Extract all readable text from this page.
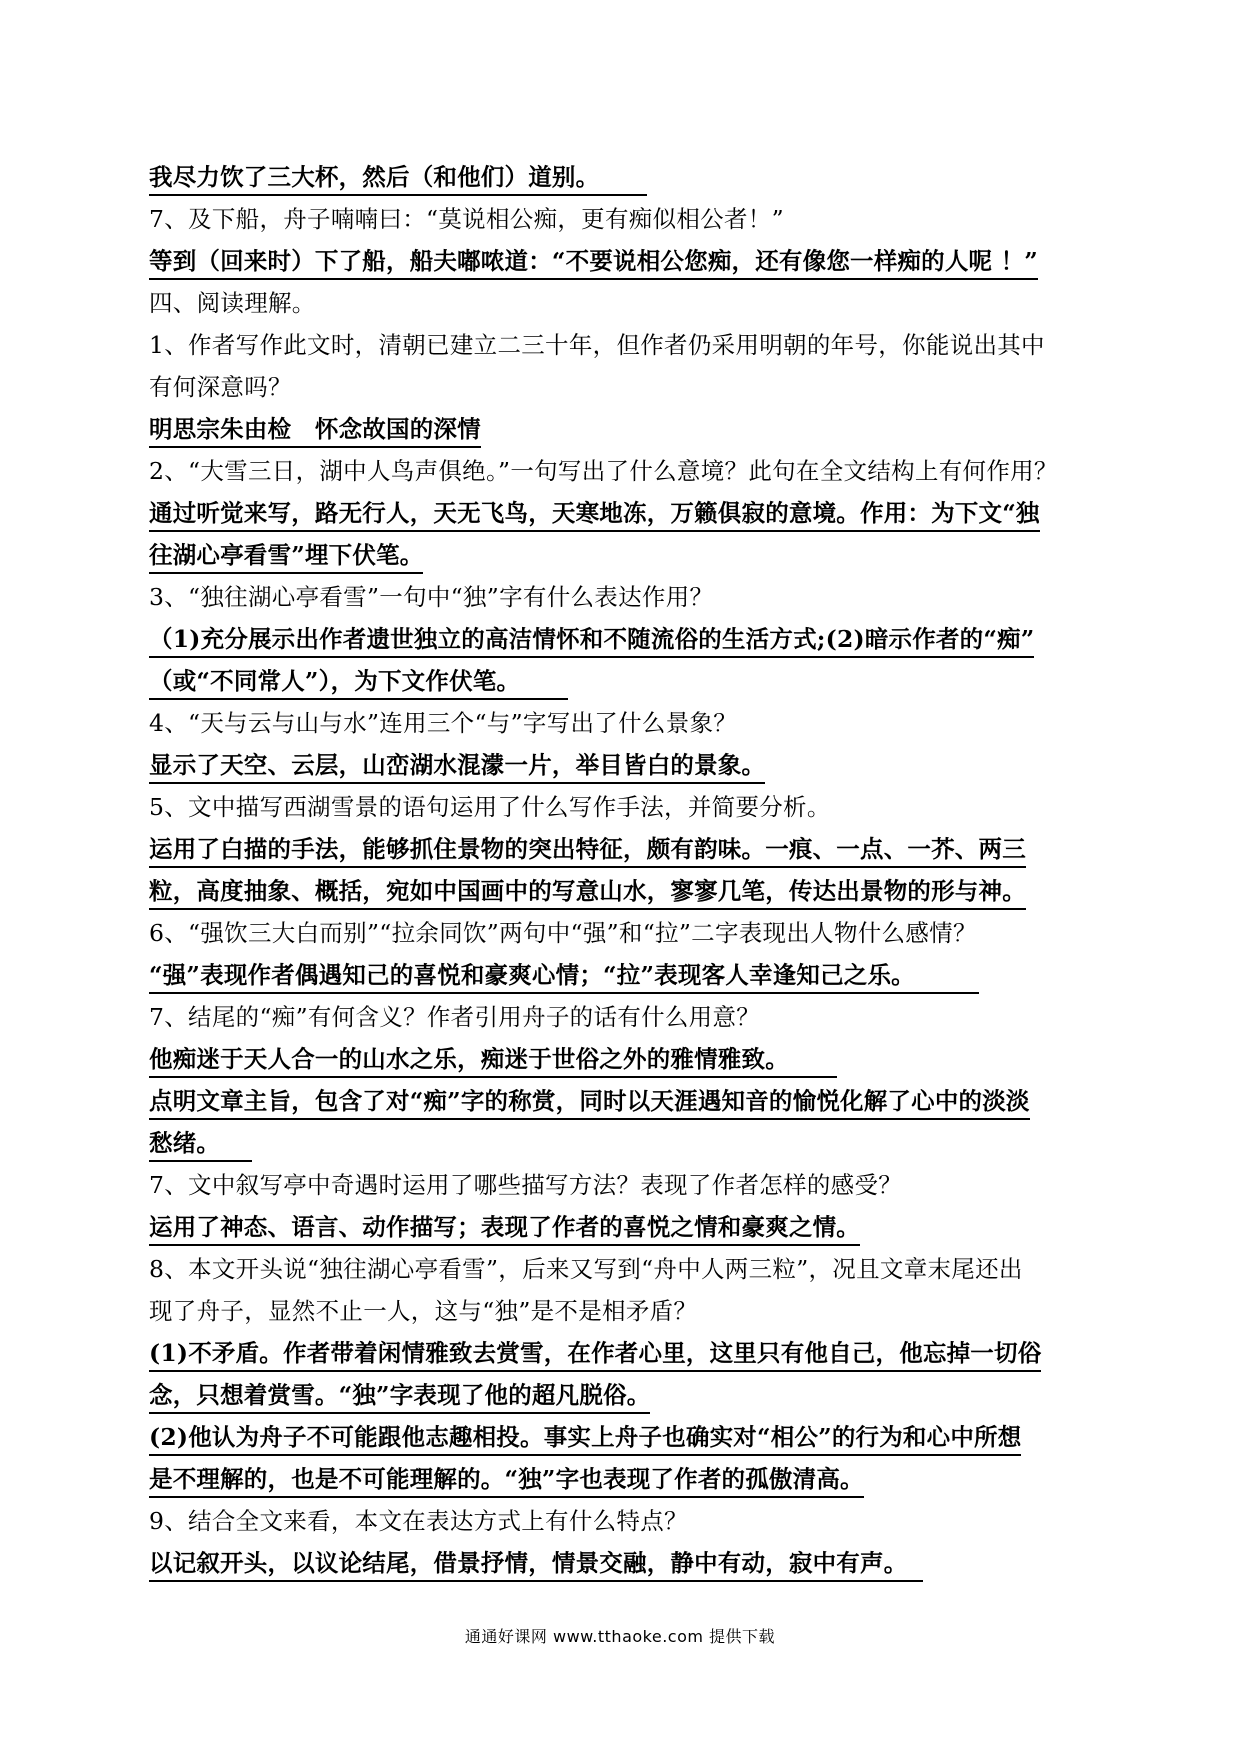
我尽力饮了三大杯，然后（和他们）道别。
7、及下船，舟子喃喃曰：“莫说相公痴，更有痴似相公者！”
等到（回来时）下了船，船夫嘟哝道：“不要说相公您痴，还有像您一样痴的人呢 ！”
四、阅读理解。
1、作者写作此文时，清朝已建立二三十年，但作者仍采用明朝的年号，你能说出其中
有何深意吗？
明思宗朱由检　怀念故国的深情
2、“大雪三日，湖中人鸟声俱绝。”一句写出了什么意境？此句在全文结构上有何作用？
通过听觉来写，路无行人，天无飞鸟，天寒地冻，万籁俱寂的意境。作用：为下文“独
往湖心亭看雪”埋下伏笔。
3、“独往湖心亭看雪”一句中“独”字有什么表达作用？
（1)充分展示出作者遗世独立的高洁情怀和不随流俗的生活方式;(2)暗示作者的“痴”
（或“不同常人”），为下文作伏笔。
4、“天与云与山与水”连用三个“与”字写出了什么景象？
显示了天空、云层，山峦湖水混濛一片，举目皆白的景象。
5、文中描写西湖雪景的语句运用了什么写作手法，并简要分析。
运用了白描的手法，能够抓住景物的突出特征，颇有韵味。一痕、一点、一芥、两三
粒，高度抽象、概括，宛如中国画中的写意山水，寥寥几笔，传达出景物的形与神。
6、“强饮三大白而别”“拉余同饮”两句中“强”和“拉”二字表现出人物什么感情？
“强”表现作者偶遇知己的喜悦和豪爽心情；“拉”表现客人幸逢知己之乐。
7、结尾的“痴”有何含义？作者引用舟子的话有什么用意？
他痴迷于天人合一的山水之乐，痴迷于世俗之外的雅情雅致。
点明文章主旨，包含了对“痴”字的称赏，同时以天涯遇知音的愉悦化解了心中的淡淡
愁绪。
7、文中叙写亭中奇遇时运用了哪些描写方法？表现了作者怎样的感受？
运用了神态、语言、动作描写；表现了作者的喜悦之情和豪爽之情。
8、本文开头说“独往湖心亭看雪”，后来又写到“舟中人两三粒”，况且文章末尾还出
现了舟子，显然不止一人，这与“独”是不是相矛盾？
(1)不矛盾。作者带着闲情雅致去赏雪，在作者心里，这里只有他自己，他忘掉一切俗
念，只想着赏雪。“独”字表现了他的超凡脱俗。
(2)他认为舟子不可能跟他志趣相投。事实上舟子也确实对“相公”的行为和心中所想
是不理解的，也是不可能理解的。“独”字也表现了作者的孤傲清高。
9、结合全文来看，本文在表达方式上有什么特点？
以记叙开头，以议论结尾，借景抒情，情景交融，静中有动，寂中有声。
通通好课网 www.tthaoke.com 提供下载
